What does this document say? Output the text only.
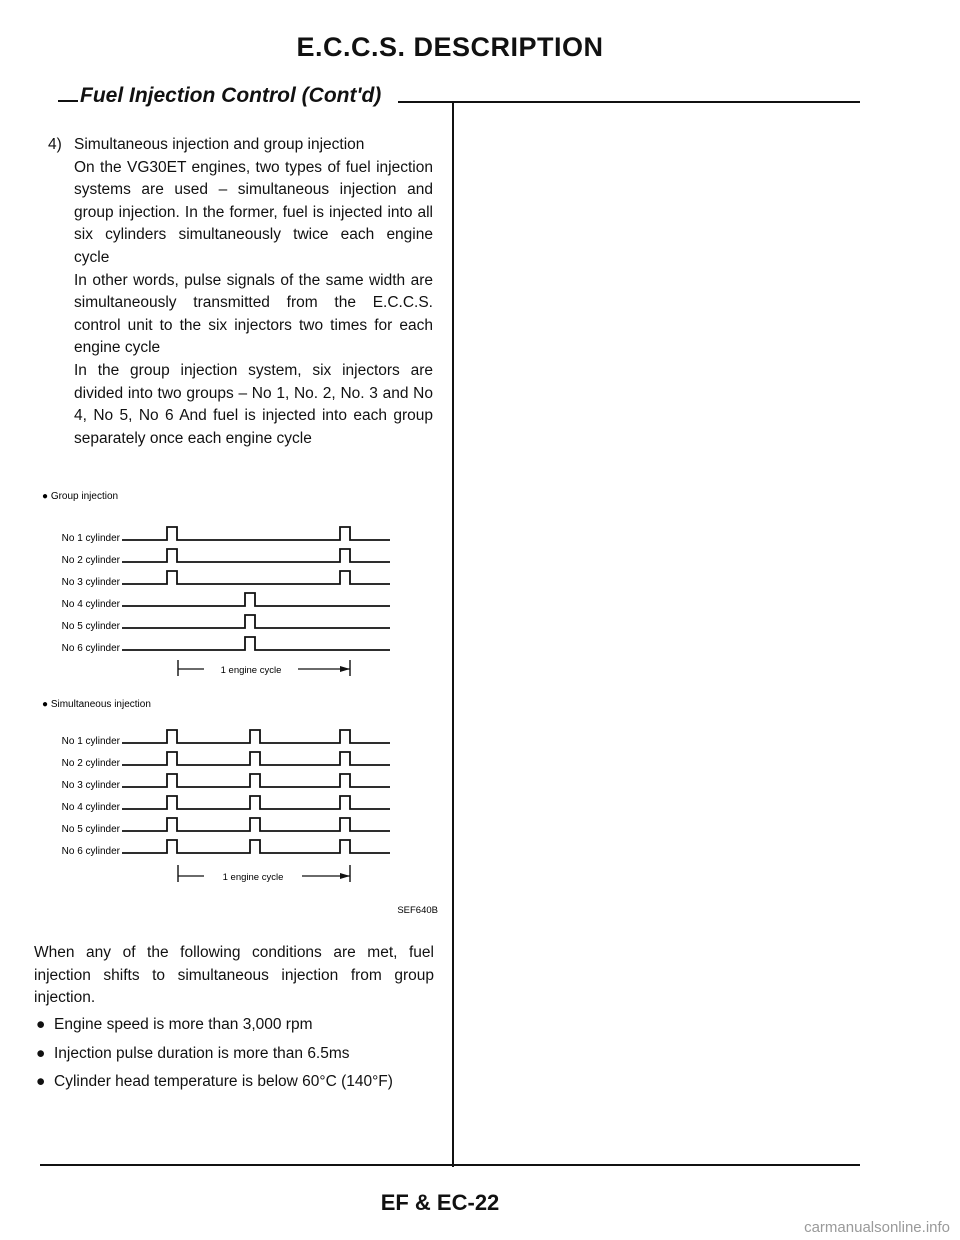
E.C.C.S. DESCRIPTION
Fuel Injection Control (Cont'd)
4) Simultaneous injection and group injection

On the VG30ET engines, two types of fuel injection systems are used – simultaneous injection and group injection. In the former, fuel is injected into all six cylinders simultaneously twice each engine cycle

In other words, pulse signals of the same width are simultaneously transmitted from the E.C.C.S. control unit to the six injectors two times for each engine cycle

In the group injection system, six injectors are divided into two groups – No 1, No. 2, No. 3 and No 4, No 5, No 6 And fuel is injected into each group separately once each engine cycle

● Group injection
No 1 cylinder
No 2 cylinder
No 3 cylinder
No 4 cylinder
No 5 cylinder
No 6 cylinder
1 engine cycle
● Simultaneous injection
No 1 cylinder
No 2 cylinder
No 3 cylinder
No 4 cylinder
No 5 cylinder
No 6 cylinder
1 engine cycle
SEF640B

When any of the following conditions are met, fuel injection shifts to simultaneous injection from group injection.

● Engine speed is more than 3,000 rpm
● Injection pulse duration is more than 6.5ms
● Cylinder head temperature is below 60°C (140°F)
EF & EC-22
carmanualsonline.info
